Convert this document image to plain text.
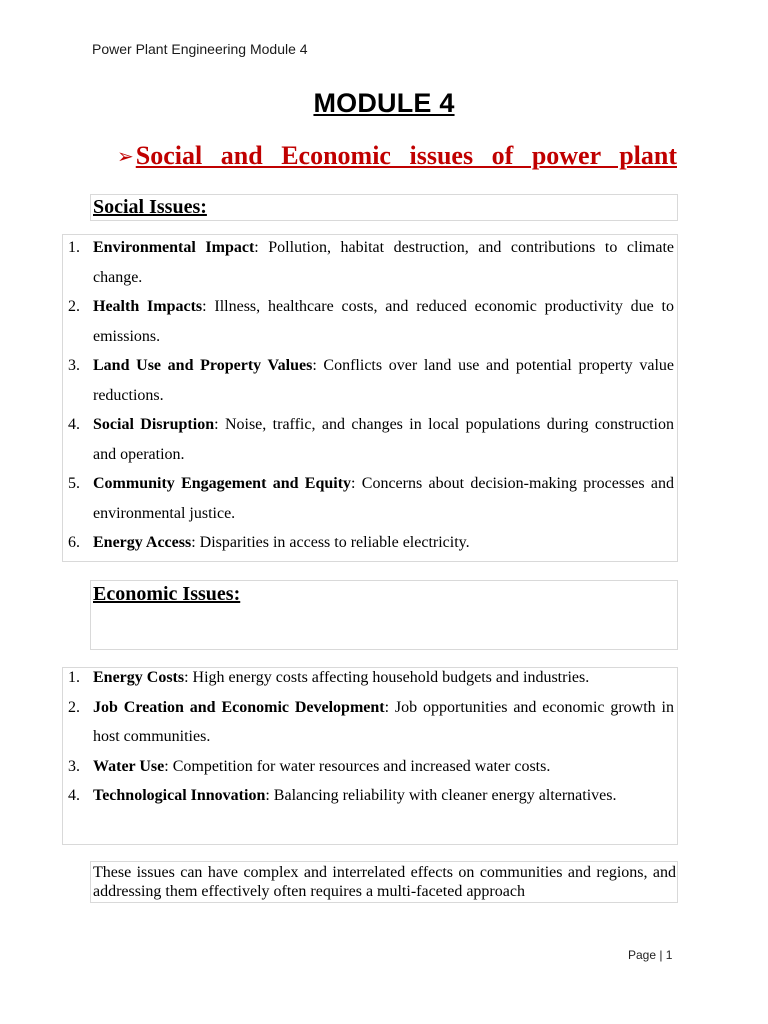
Power Plant Engineering Module 4
MODULE 4
➢ Social and Economic issues of power plant
Social Issues:
1. Environmental Impact: Pollution, habitat destruction, and contributions to climate change.
2. Health Impacts: Illness, healthcare costs, and reduced economic productivity due to emissions.
3. Land Use and Property Values: Conflicts over land use and potential property value reductions.
4. Social Disruption: Noise, traffic, and changes in local populations during construction and operation.
5. Community Engagement and Equity: Concerns about decision-making processes and environmental justice.
6. Energy Access: Disparities in access to reliable electricity.
Economic Issues:
1. Energy Costs: High energy costs affecting household budgets and industries.
2. Job Creation and Economic Development: Job opportunities and economic growth in host communities.
3. Water Use: Competition for water resources and increased water costs.
4. Technological Innovation: Balancing reliability with cleaner energy alternatives.
These issues can have complex and interrelated effects on communities and regions, and addressing them effectively often requires a multi-faceted approach
Page | 1
